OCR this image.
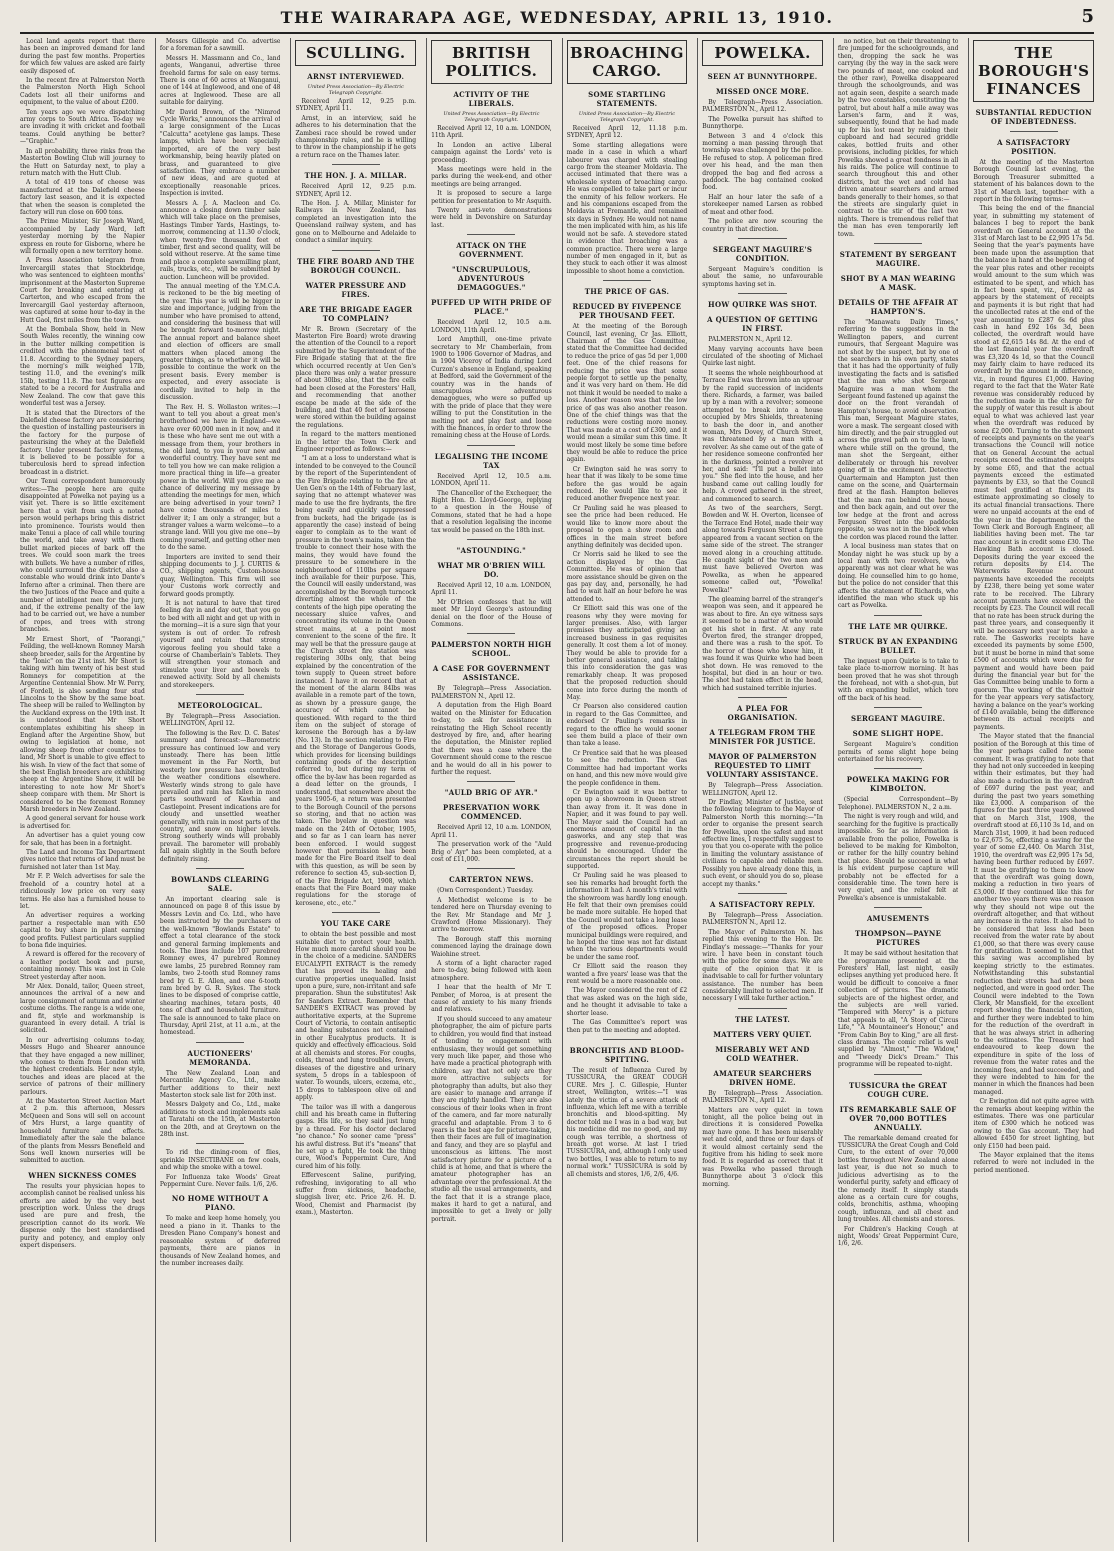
THE WAIRARAPA AGE, WEDNESDAY, APRIL 13, 1910.	5

Local land agents report that there has been an improved demand for land during the past few months. Properties for which few values are asked are fairly easily disposed of.

In the recent fire at Palmerston North the Palmerston North High School Cadets lost all their uniforms and equipment, to the value of about £200.

Ten years ago we were dispatching army corps to South Africa. To-day we are invading it with cricket and football teams. Could anything be better?—"Graphic."

In all probability, three rinks from the Masterton Bowling Club will journey to the Hutt on Saturday next, to play a return match with the Hutt Club.

A total of 419 tons of cheese was manufactured at the Dalefield cheese factory last season, and it is expected that when the season is completed the factory will run close on 600 tons.

The Prime Minister, Sir Joseph Ward, accompanied by Lady Ward, left yesterday morning by the Napier express en route for Gisborne, where he will formally open a new territory home.

A Press Association telegram from Invercargill states that Stockbridge, who was sentenced to eighteen months' imprisonment at the Masterton Supreme Court for breaking and entering at Carterton, and who escaped from the Invercargill Gaol yesterday afternoon, was captured at some hour to-day in the Hutt Gaol, first miles from the town.

At the Bombala Show, held in New South Wales recently, the winning cow in the butter milking competition is credited with the phenomenal test of 11.8. According to the Sydney papers, the morning's milk weighed 17lb, testing 11.0, and the evening's milk 15lb, testing 11.8. The test figures are stated to be a record for Australia and New Zealand. The cow that gave this wonderful test was a Jersey.

It is stated that the Directors of the Dalefield cheese factory are considering the question of installing pasteurisers in the factory for the purpose of pasteurising the whey at the Dalefield factory. Under present factory systems, it is believed to be possible for a tuberculosis herd to spread infection broadcast in a district.

Our Tenui correspondent humorously writes:—The people here are quite disappointed at Powelka not paying us a visit yet. There is so little excitement here that a visit from such a noted person would perhaps bring this district into prominence. Tourists would then make Tenui a place of call while touring the world, and take away with them bullet marked pieces of bark off the trees. We could soon mark the trees with bullets. We have a number of rifles, who could surround the district, also a constable who would drink into Dante's Inferno after a criminal. Then there are the two Justices of the Peace and quite a number of intelligent men for the jury, and, if the extreme penalty of the law had to be carried out, we have a number of ropes, and trees with strong branches.

Mr Ernest Short, of "Paorangi," Feilding, the well-known Romney Marsh sheep breeder, sails for the Argentine by the "Ionic" on the 21st inst. Mr Short is taking with him twenty of his best stud Romneys for competition at the Argentine Centennial Show. Mr W. Perry, of Fordell, is also sending four stud Lincolns to the Show by the same boat. The sheep will be railed to Wellington by the Auckland express on the 19th inst. It is understood that Mr Short contemplates exhibiting his sheep in England after the Argentine Show, but owing to legislation at home, not allowing sheep from other countries to land, Mr Short is unable to give effect to his wish. In view of the fact that some of the best English breeders are exhibiting sheep at the Argentine Show, it will be interesting to note how Mr Short's sheep compare with them. Mr Short is considered to be the foremost Romney Marsh breeders in New Zealand.

A good general servant for house work is advertised for.

An advertiser has a quiet young cow for sale, that has been in a fortnight.

The Land and Income Tax Department gives notice that returns of land must be furnished not later than 1st May.

Mr F. P. Welch advertises for sale the freehold of a country hotel at a ridiculously low price on very easy terms. He also has a furnished house to let.

An advertiser requires a working partner a respectable man with £50 capital to buy share in plant earning good profits. Fullest particulars supplied to bona fide inquiries.

A reward is offered for the recovery of a leather pocket book and purse, containing money. This was lost in Cole Street yesterday after noon.

Mr Alex. Donald, tailor, Queen street, announces the arrival of a new and large consignment of autumn and winter costume cloths. The range is a wide one, and fit, style and workmanship is guaranteed in every detail. A trial is solicited.

In our advertising columns to-day, Messrs Hugo and Shearer announce that they have engaged a new milliner, who comes to them from London with the highest credentials. Her new style, touches and ideas are placed at the service of patrons of their millinery parlours.

At the Masterton Street Auction Mart at 2 p.m. this afternoon, Messrs McQueen and Sons will sell on account of Mrs Hurst, a large quantity of household furniture and effects. Immediately after the sale the balance of the plants from Messrs Benefield and Sons well known nurseries will be submitted to auction.

WHEN SICKNESS COMES

The results your physician hopes to accomplish cannot be realised unless his efforts are aided by the very best prescription work. Unless the drugs used are pure and fresh, the prescription cannot do its work. We dispense only the best standardised purity and potency, and employ only expert dispensers.

Messrs Gillespie and Co. advertise for a foreman for a sawmill.

Messrs H. Massmann and Co., land agents, Wanganui, advertise three freehold farms for sale on easy terms. There is one of 60 acres at Wanganui, one of 144 at Inglewood, and one of 48 acres at Inglewood. These are all suitable for dairying.

Mr David Brown, of the "Nimrod Cycle Works," announces the arrival of a large consignment of the Lucas "Calcutta" acetylene gas lamps. These lamps, which have been specially imported, are of the very best workmanship, being heavily plated on brass, and guaranteed to give satisfaction. They embrace a number of new ideas, and are quoted at exceptionally reasonable prices. Inspection is invited.

Messrs A. J. A. Macleon and Co. announce a closing down timber sale which will take place on the premises, Hastings Timber Yards, Hastings, to-morrow, commencing at 11.30 o'clock, when twenty-five thousand feet of timber, first and second quality, will be sold without reserve. At the same time and place a complete sawmilling plant, rails, trucks, etc., will be submitted by auction. Luncheon will be provided.

The annual meeting of the Y.M.C.A. is reckoned to be the big meeting of the year. This year is will be bigger in size and importance, judging from the number who have promised to attend, and considering the business that will be brought forward to-morrow night. The annual report and balance sheet and election of officers are small matters when placed among the greater things, as to whether it will be possible to continue the work on the present basis. Every member is expected, and every associate is cordially invited to help in the discussion.

The Rev. H. S. Wollaston writes:—I want to tell you about a great men's brotherhood we have in England—we have over 60,000 men in it now, and it is these who have sent me out with a message from them, your brothers in the old land, to you in your new and wonderful country. They have sent me to tell you how we can make religion a more practical thing in life—a greater power in the world. Will you give me a chance of delivering my message by attending the meetings for men, which are being advertised in your town? I have come thousands of miles to deliver it; I am only a stranger, but a stranger values a warm welcome—to a strange land. Will you give me one—by coming yourself, and getting other men to do the same.

Importers are invited to send their shipping documents to J. J. CURTIS & CO., shipping agents, Custom-house quay, Wellington. This firm will see your Customs work correctly and forward goods promptly.

It is not natural to have that tired feeling day in and day out, that you go to bed with all night and get up with in the morning—it is a sure sign that your system is out of order. To refresh yourself and retain that strong vigorous feeling you should take a course of Chamberlain's Tablets. They will strengthen your stomach and stimulate your liver and bowels to renewed activity. Sold by all chemists and storekeepers.

METEOROLOGICAL.

By Telegraph—Press Association. WELLINGTON, April 12.

The following is the Rev. D. C. Bates' summary and forecast:—Barometric pressure has continued low and very unsteady. There has been little movement in the Far North, but westerly low pressure has controlled the weather conditions elsewhere. Westerly winds strong to gale have prevailed and rain has fallen in most parts southward of Kawhia and Castlepoint. Present indications are for cloudy and unsettled weather generally, with rain in most parts of the country, and snow on higher levels. Strong southerly winds will probably prevail. The barometer will probably fall again slightly in the South before definitely rising.

BOWLANDS CLEARING SALE.

An important clearing sale is announced on page 8 of this issue by Messrs Levin and Co. Ltd., who have been instructed by the purchasers of the well-known "Bowlands Estate" to effect a total clearance of the stock and general farming implements and tools. The lines include 107 purebred Romney ewes, 47 purebred Romney ewe lambs, 25 purebred Romney ram lambs, two 2-tooth stud Romney rams bred by G. E. Allen, and one 6-tooth ram bred by G. R. Sykes. The stock lines to be disposed of comprise cattle, shearing machines, tetara posts, 40 tons of chaff and household furniture. The sale is announced to take place on Thursday, April 21st, at 11 a.m., at the homestead.

AUCTIONEERS' MEMORANDA.

The New Zealand Loan and Mercantile Agency Co., Ltd., make further additions to their next Masterton stock sale list for 20th inst.

Messrs Dalgety and Co., Ltd., make additions to stock and implements sale at Taratahi on the 15th, at Masterton on the 20th, and at Greytown on the 28th inst.

To rid the dining-room of flies, sprinkle INSECTIBANE on few coals, and whip the smoke with a towel.

For Influenza take Woods' Great Peppermint Cure. Never fails. 1/6, 2/6.

NO HOME WITHOUT A PIANO.

To make and keep home homely, you need a piano in it. Thanks to the Dresden Piano Company's honest and reasonable system of deferred payments, there are pianos in thousands of New Zealand homes, and the number increases daily.

SCULLING.
ARNST INTERVIEWED.
United Press Association—By Electric Telegraph Copyright.

Received April 12, 9.25 p.m. SYDNEY, April 11.

Arnst, in an interview, said he adheres to his determination that the Zambesi race should be rowed under championship rules, and he is willing to throw in the championship if he gets a return race on the Thames later.

THE HON. J. A. MILLAR.

Received April 12, 9.25 p.m. SYDNEY, April 12.

The Hon. J. A. Millar, Minister for Railways in New Zealand, has completed an investigation into the Queensland railway system, and has gone on to Melbourne and Adelaide to conduct a similar inquiry.

THE FIRE BOARD AND THE BOROUGH COUNCIL.
WATER PRESSURE AND FIRES.
ARE THE BRIGADE EAGER TO COMPLAIN?

Mr R. Brown (Secretary of the Masterton Fire Board) wrote drawing the attention of the Council to a report submitted by the Superintendent of the Fire Brigade stating that at the fire which occurred recently at Uen Gen's place there was only a water pressure of about 30lbs; also, that the fire cells had been closed at the Foresters' Hall, and recommending that another escape be made at the side of the building, and that 40 feet of kerosene were stored within the building against the regulations.

In regard to the matters mentioned in the letter the Town Clerk and Engineer reported as follows:—

"I am at a loss to understand what is intended to be conveyed to the Council by the report of the Superintendent of the Fire Brigade relating to the fire at Uen Gen's on the 14th of February last, saying that no attempt whatever was made to use the fire hydrants, the fire being easily and quickly suppressed from buckets, had the brigade (as is apparently the case) instead of being eager to complain as to the want of pressure in the town's mains, taken the trouble to connect their hose with the mains, they would have found the pressure to be somewhere in the neighbourhood of 110lbs per square inch available for their purpose. This, the Council will easily understand, was accomplished by the Borough turncock diverting almost the whole of the contents of the high pipe operating the necessary sluice valves, and concentrating its volume in the Queen street mains, at a point most convenient to the scene of the fire. It may well be that the pressure gauge at the Church street fire station was registering 30lbs only, that being explained by the concentration of the town supply to Queen street before instanced. I have it on record that at the moment of the alarm 84lbs was available in a remote part of the town, as shown by a pressure gauge, the accuracy of which cannot be questioned. With regard to the third item on the subject of storage of kerosene the Borough has a by-law (No. 13). In the section relating to Fire and the Storage of Dangerous Goods, which provides for licensing buildings containing goods of the description referred to, but during my term of office the by-law has been regarded as a dead letter on the grounds, I understand, that somewhere about the years 1905-6, a return was presented to the Borough Council of the persons so storing, and that no action was taken. The byelaw in question was made on the 24th of October, 1905, and so far as I can learn has never been enforced. I would suggest however that permission has been made for the Fire Board itself to deal with this question, as will be seen by reference to section 45, sub-section D, of the Fire Brigade Act, 1908, which enacts that the Fire Board may make regulations for the storage of kerosene, etc., etc."

YOU TAKE CARE

to obtain the best possible and most suitable diet to protect your health. How much more careful should you be in the choice of a medicine. SANDERS EUCALYPTI EXTRACT is the remedy that has proved its healing and curative properties unequalled. Insist upon a pure, sure, non-irritant and safe preparation. Shun the substitutes! Ask for Sanders Extract. Remember that SANDER'S EXTRACT was proved by authoritative experts, at the Supreme Court of Victoria, to contain antiseptic and healing substances not contained in other Eucalyptus products. It is quickly and effectively efficacious. Sold at all chemists and stores. For coughs, colds, throat and lung troubles, fevers, diseases of the digestive and urinary system, 5 drops in a tablespoon of water. To wounds, ulcers, eczema, etc., 15 drops to tablespoon olive oil and apply.

The tailor was ill with a dangerous chill and his breath came in fluttering gasps. His life, so they said just hung by a thread. For his doctor declared "no chance." No sooner came "press" his awful distress. But it's "means" that he set up a fight, He took the thing cure, Wood's Peppermint Cure, And cured him of his folly.

Effervescent Saline, purifying, refreshing, invigorating to all who suffer from sickness, headache, sluggish liver, etc. Price 2/6. H. D. Wood, Chemist and Pharmacist (by exam.), Masterton.

BRITISH POLITICS.
ACTIVITY OF THE LIBERALS.
United Press Association—By Electric Telegraph Copyright.

Received April 12, 10 a.m. LONDON, 11th April.

In London an active Liberal campaign against the Lords' veto is proceeding.

Mass meetings were held in the parks during the week-end, and other meetings are being arranged.

It is proposed to secure a large petition for presentation to Mr Asquith.

Twenty anti-veto demonstrations were held in Devonshire on Saturday last.

ATTACK ON THE GOVERNMENT.
"UNSCRUPULOUS, ADVENTUROUS DEMAGOGUES."
PUFFED UP WITH PRIDE OF PLACE."

Received April 12, 10.5 a.m. LONDON, 11th April.

Lord Ampthill, one-time private secretary to Mr Chamberlain, from 1900 to 1906 Governor of Madras, and in 1904 Viceroy of India during Lord Curzon's absence in England, speaking at Bedford, said the Government of the country was in the hands of unscrupulous adventurous demagogues, who were so puffed up with the pride of place that they were willing to put the Constitution in the melting pot and play fast and loose with the finances, in order to throw the remaining chess at the House of Lords.

LEGALISING THE INCOME TAX

Received April 12, 10.5 a.m. LONDON, April 11.

The Chancellor of the Exchequer, the Right Hon. D. Lloyd-George, replying to a question in the House of Commons, stated that he had a hope that a resolution legalising the income tax would be passed on the 18th inst.

"ASTOUNDING."
WHAT MR O'BRIEN WILL DO.

Received April 12, 10 a.m. LONDON, April 11.

Mr O'Brien confesses that he will meet Mr Lloyd George's astounding denial on the floor of the House of Commons.

PALMERSTON NORTH HIGH SCHOOL.
A CASE FOR GOVERNMENT ASSISTANCE.

By Telegraph—Press Association. PALMERSTON N., April 12.

A deputation from the High Board waited on the Minister for Education to-day, to ask for assistance in reinstating the High School recently destroyed by fire, and, after hearing the deputation, the Minister replied that there was a case where the Government should come to the rescue and he would do all in his power to further the request.

"AULD BRIG OF AYR."
PRESERVATION WORK COMMENCED.

Received April 12, 10 a.m. LONDON, April 11.

The preservation work of the "Auld Brig o' Ayr" has been completed, at a cost of £11,000.

CARTERTON NEWS.

(Own Correspondent.) Tuesday.

A Methodist welcome is to be tendered here on Thursday evening to the Rev. Mr Standage and Mr J. Crawford (Home Missionary). They arrive to-morrow.

The Borough staff this morning commenced laying the drainage down Waiohine street.

A storm of a light character raged here to-day, being followed with keen atmosphere.

I hear that the health of Mr T. Pember, of Moroa, is at present the cause of anxiety to his many friends and relatives.

If you should succeed to any amateur photographer, the aim of picture parts to children, you would find that instead of tending to engagement with enthusiasm, they would get something very much like paper, and those who have made a practical photograph with children, say that not only are they more attractive subjects for photography than adults, but also they are easier to manage and arrange if they are rightly handled. They are also conscious of their looks when in front of the camera, and far more naturally graceful and adaptable. From 3 to 6 years is the best age for picture-taking, then their faces are full of imagination and fancy, and they are so playful and unconscious as kittens. The most satisfactory picture for a picture of a child is at home, and that is where the amateur photographer has an advantage over the professional. At the studio all the usual arrangements, and the fact that it is a strange place, makes it hard to get a natural, and impossible to get a lively or jolly portrait.

BROACHING CARGO.
SOME STARTLING STATEMENTS.
United Press Association—By Electric Telegraph Copyright.

Received April 12, 11.18 p.m. SYDNEY, April 12.

Some startling allegations were made in a case in which a wharf labourer was charged with stealing cargo from the steamer Moldavia. The accused intimated that there was a wholesale system of broaching cargo. He was compelled to take part or incur the enmity of his fellow workers. He and his companions escaped from the Moldavia at Fremantle, and remained six days in Sydney. He would not name the men implicated with him, as his life would not be safe. A stevedore stated in evidence that broaching was a common practice. There were a large number of men engaged in it, but as they stuck to each other it was almost impossible to shoot home a conviction.

THE PRICE OF GAS.
REDUCED BY FIVEPENCE PER THOUSAND FEET.

At the meeting of the Borough Council, last evening, Cr Jas. Elliott, Chairman of the Gas Committee, stated that the Committee had decided to reduce the price of gas 5d per 1,000 feet. One of the chief reasons for reducing the price was that some people forgot to settle up the penalty, and it was very hard on them. He did not think it would be needed to make a loss. Another reason was that the low price of gas was also another reason. One of the chief things was that the reductions were costing more money. That was made at a cost of £300, and it would mean a similar sum this time. It would most likely be some time before they would be able to reduce the price again.

Cr Ewington said he was sorry to hear that it was likely to be some time before the gas would be again reduced. He would like to see it reduced another fivepence next year.

Cr Pauling said he was pleased to see the price had been reduced. He would like to know more about the proposal to open a show room and offices in the main street before anything definitely was decided upon.

Cr Norris said he liked to see the action displayed by the Gas Committee. He was of opinion that more assistance should be given on the gas pay day, and, personally, he had had to wait half an hour before he was attended to.

Cr Elliott said this was one of the reasons why they were moving for larger premises. Also, with larger premises they anticipated giving an increased business in gas requisites generally. It cost them a lot of money. They would be able to provide for a better general assistance, and taking this into consideration the gas was remarkably cheap. It was proposed that the proposed reduction should come into force during the month of May.

Cr Pearson also considered caution in regard to the Gas Committee, and endorsed Cr Pauling's remarks in regard to the office he would sooner see them build a place of their own than take a lease.

Cr Prentice said that he was pleased to see the reduction. The Gas Committee had had important works on hand, and this new move would give the people confidence in them.

Cr Ewington said it was better to open up a showroom in Queen street than away from it. It was done in Napier, and it was found to pay well. The Mayor said the Council had an enormous amount of capital in the gasworks, and any step that was progressive and revenue-producing should be encouraged. Under the circumstances the report should be supported.

Cr Pauling said he was pleased to see his remarks had brought forth the information it had. A month's trial with the showroom was hardly long enough. He felt that their own premises could be made more suitable. He hoped that the Council would not take a long lease of the proposed offices. Proper municipal buildings were required, and he hoped the time was not far distant when the various departments would be under the same roof.

Cr Elliott said the reason they wanted a five years' lease was that the rent would be a more reasonable one.

The Mayor considered the rent of £2 that was asked was on the high side, and he thought it advisable to take a shorter lease.

The Gas Committee's report was then put to the meeting and adopted.

BRONCHITIS AND BLOOD-SPITTING.

The result of Influenza Cured by TUSSICURA, the GREAT COUGH CURE. Mrs J. C. Gillespie, Hunter street, Wellington, writes:—"I was lately the victim of a severe attack of influenza, which left me with a terrible bronchitis and blood-spitting. My doctor told me I was in a bad way, but his medicine did me no good, and my cough was terrible, a shortness of breath got worse. At last I tried TUSSICURA, and, although I only used two bottles, I was able to return to my normal work." TUSSICURA is sold by all chemists and stores, 1/6, 2/6, 4/6.

POWELKA.
SEEN AT BUNNYTHORPE.
MISSED ONCE MORE.

By Telegraph—Press Association. PALMERSTON N., April 12.

The Powelka pursuit has shifted to Bunnythorpe.

Between 3 and 4 o'clock this morning a man passing through that township was challenged by the police. He refused to stop. A policeman fired over his head, and the man then dropped the bag and fled across a paddock. The bag contained cooked food.

Half an hour later the safe of a storekeeper named Larsen as robbed of meat and other food.

The police are now scouring the country in that direction.

SERGEANT MAGUIRE'S CONDITION.

Sergeant Maguire's condition is about the same, no unfavourable symptoms having set in.

HOW QUIRKE WAS SHOT.
A QUESTION OF GETTING IN FIRST.

PALMERSTON N., April 12.

Many varying accounts have been circulated of the shooting of Michael Quirke last night.

It seems the whole neighbourhood at Terrace End was thrown into an uproar by the rapid succession of incidents there. Richards, a farmer, was bailed up by a man with a revolver; someone attempted to break into a house occupied by Mrs Shields, threatening to bash the door in, and another woman, Mrs Dovey, of Church Street, was threatened by a man with a revolver. As she came out of the gate of her residence someone confronted her in the darkness, pointed a revolver at her, and said: "I'll put a bullet into you." She fled into the house, and her husband came out calling loudly for help. A crowd gathered in the street, and commenced to search.

As two of the searchers, Sergt. Bowden and W. H. Overton, licensee of the Terrace End Hotel, made their way along towards Ferguson Street a figure appeared from a vacant section on the same side of the street. The stranger moved along in a crouching attitude. He caught sight of the two men and must have believed Overton was Powelka, as when he appeared someone called out, "Powelka! Powelka!"

The gleaming barrel of the stranger's weapon was seen, and it appeared he was about to fire. An eye witness says it seemed to be a matter of who would get his shot in first. At any rate Overton fired, the stranger dropped, and there was a rush to the spot. To the horror of those who knew him, it was found it was Quirke who had been shot down. He was removed to the hospital, but died in an hour or two. The shot had taken effect in the head, which had sustained terrible injuries.

A PLEA FOR ORGANISATION.
A TELEGRAM FROM THE MINISTER FOR JUSTICE.
MAYOR OF PALMERSTON REQUESTED TO LIMIT VOLUNTARY ASSISTANCE.

By Telegraph—Press Association. WELLINGTON, April 12.

Dr Findlay, Minister of Justice, sent the following telegram to the Mayor of Palmerston North this morning:—"In order to organise the present search for Powelka, upon the safest and most effective lines, I respectfully suggest to you that you co-operate with the police in limiting the voluntary assistance of civilians to capable and reliable men. Possibly you have already done this, in such event, or should you do so, please accept my thanks."

A SATISFACTORY REPLY.

By Telegraph—Press Association. PALMERSTON N., April 12.

The Mayor of Palmerston N. has replied this evening to the Hon. Dr. Findlay's message:—"Thanks for your wire. I have been in constant touch with the police for some days. We are quite of the opinion that it is inadvisable to call for further voluntary assistance. The number has been considerably limited to selected men. If necessary I will take further action."

THE LATEST.
MATTERS VERY QUIET.
MISERABLY WET AND COLD WEATHER.
AMATEUR SEARCHERS DRIVEN HOME.

By Telegraph—Press Association. PALMERSTON N., April 12.

Matters are very quiet in town tonight, all the police being out in directions it is considered Powelka may have gone. It has been miserably wet and cold, and three or four days of it would almost certainly send the fugitive from his hiding to seek more food. It is regarded as correct that it was Powelka who passed through Bunnythorpe about 3 o'clock this morning.

no notice, but on their threatening to fire jumped for the schoolgrounds, and then, dropping the sack he was carrying (by the way in the sack were two pounds of meat, one cooked and the other raw), Powelka disappeared through the schoolgrounds, and was not again seen, despite a search made by the two constables, constituting the patrol, but about half a mile away was Larsen's farm, and it was, subsequently, found that he had made up for his lost meat by raiding their cupboard and had secured griddle cakes, bottled fruits and other provisions, including pickles, for which Powelka showed a great fondness in all his raids. The police will continue to search throughout this and other districts, but the wet and cold has driven amateur searchers and armed bands generally to their homes, so that the streets are singularly quiet in contrast to the stir of the last two nights. There is tremendous relief that the man has even temporarily left town.

STATEMENT BY SERGEANT MAGUIRE.
SHOT BY A MAN WEARING A MASK.
DETAILS OF THE AFFAIR AT HAMPTON'S.

The "Manawatu Daily Times," referring to the suggestions in the Wellington papers, and current rumours, that Sergeant Maguire was not shot by the suspect, but by one of the searchers in his own party, states that it has had the opportunity of fully investigating the facts and is satisfied that the man who shot Sergeant Maguire was a man whom the Sergeant found fastened up against the door on the front verandah of Hampton's house, to avoid observation. This man, Sergeant Maguire states, wore a mask. The sergeant closed with him directly, and the pair struggled out across the gravel path on to the lawn, where while still on the ground, the man shot the Sergeant, either deliberately or through his revolver going off in the excitement. Detective Quartermain and Hampton just then came on the scene, and Quartermain fired at the flash. Hampton believes that the man ran behind the house, and then back again, and out over the low hedge at the front and across Ferguson Street into the paddocks opposite, so was not in the block when the cordon was placed round the latter.

A local business man states that on Monday night he was stuck up by a local man with two revolvers, who apparently was not clear what he was doing. He counselled him to go home, but the police do not consider that this affects the statement of Richards, who identified the man who stuck up his cart as Powelka.

THE LATE MR QUIRKE.
STRUCK BY AN EXPANDING BULLET.

The inquest upon Quirke is to take to take place to-morrow morning. It has been proved that he was shot through the forehead, not with a shot-gun, but with an expanding bullet, which tore off the back of his head.

SERGEANT MAGUIRE.
SOME SLIGHT HOPE.

Sergeant Maguire's condition permits of some slight hope being entertained for his recovery.

POWELKA MAKING FOR KIMBOLTON.

(Special Correspondent—By Telephone). PALMERSTON N., 2 a.m.

The night is very rough and wild, and searching for the fugitive is practically impossible. So far as information is available from the police, Powelka is believed to be making for Kimbolton, or rather for the hilly country behind that place. Should he succeed in what is his evident purpose capture will probably not be effected for a considerable time. The town here is very quiet, and the relief felt at Powelka's absence is unmistakable.

AMUSEMENTS
THOMPSON—PAYNE PICTURES

It may be said without hesitation that the programme presented at the Foresters' Hall, last night, easily eclipses anything yet produced here. It would be difficult to conceive a finer collection of pictures. The dramatic subjects are of the highest order, and the subjects are well varied. "Tempered with Mercy" is a picture that appeals to all, "A Story of Circus Life," "A Mountaineer's Honour," and "From Cabin Boy to King," are all first-class dramas. The comic relief is well supplied by "Almost," "The Widow," and "Tweedy Dick's Dream." This programme will be repeated to-night.

TUSSICURA the GREAT COUGH CURE.
ITS REMARKABLE SALE OF OVER 70,000 BOTTLES ANNUALLY.

The remarkable demand created for TUSSICURA the Great Cough and Cold Cure, to the extent of over 70,000 bottles throughout New Zealand alone last year, is due not so much to judicious advertising as to the wonderful purity, safety and efficacy of the remedy itself. It simply stands alone as a certain cure for coughs, colds, bronchitis, asthma, whooping cough, influenza, and all chest and lung troubles. All chemists and stores.

For Children's Hacking Cough at night, Woods' Great Peppermint Cure, 1/6, 2/6.

THE BOROUGH'S FINANCES
SUBSTANTIAL REDUCTION OF INDEBTEDNESS.
A SATISFACTORY POSITION.

At the meeting of the Masterton Borough Council last evening, the Borough Treasurer submitted a statement of his balances down to the 31st of March last, together with a report in the following terms:—

This being the end of the financial year, in submitting my statement of balances I beg to report the bank overdraft on General account at the 31st of March last to be £2,995 17s 5d. Seeing that the year's payments have been made upon the assumption that the balance in hand at the beginning of the year plus rates and other receipts would amount to the sum which was estimated to be spent, and which has in fact been spent, viz., £6,402 as appears by the statement of receipts and payments it is but right that had the uncollected rates at the end of the year amounting to £287 6s 6d plus cash in hand £92 16s 3d, been collected, the overdraft would have stood at £2,615 14s 8d. At the end of the last financial year the overdraft was £3,320 4s 1d, so that the Council may fairly claim to have reduced its overdraft by the amount in difference, viz., in round figures £1,000. Having regard to the fact that the Water Rate revenue was considerably reduced by the reduction made in the charge for the supply of water this result is about equal to what was achieved last year when the overdraft was reduced by some £2,000. Turning to the statement of receipts and payments on the year's transactions the Council will notice that on General Account the actual receipts exceed the estimated receipts by some £65, and that the actual payments exceed the estimated payments by £33, so that the Council must feel gratified at finding its estimate approximating so closely to its actual financial transactions. There were no unpaid accounts at the end of the year in the departments of the Town Clerk and Borough Engineer, all liabilities having been met. The tar mac account is in credit some £30. The Hawking Bath account is closed. Deposits during the year exceed the return deposits by £14. The Waterworks Revenue account payments have exceeded the receipts by £238, there being yet some water rate to be received. The Library account payments have exceeded the receipts by £23. The Council will recall that no rate has been struck during the past three years, and consequently it will be necessary next year to make a rate. The Gasworks receipts have exceeded its payments by some £500, but it must be borne in mind that some £500 of accounts which were due for payment and would have been paid during the financial year but for the Gas Committee being unable to form a quorum. The working of the Abattoir for the year appears very satisfactory, having a balance on the year's working of £140 available, being the difference between its actual receipts and payments.

The Mayor stated that the financial position of the Borough at this time of the year perhaps called for some comment. It was gratifying to note that they had not only succeeded in keeping within their estimates, but they had also made a reduction in the overdraft of £697 during the past year, and during the past two years something like £3,000. A comparison of the figures for the past three years showed that on March 31st, 1908, the overdraft stood at £6,110 3s 1d, and on March 31st, 1909, it had been reduced to £2,675 5s, effecting a saving for the year of some £2,440. On March 31st, 1910, the overdraft was £2,995 17s 5d, having been further reduced by £697. It must be gratifying to them to know that the overdraft was going down, making a reduction in two years of £3,000. If they continued like this for another two years there was no reason why they should not wipe out the overdraft altogether, and that without any increase in the rates. It also had to be considered that less had been received from the water rate by about £1,000, so that there was every cause for gratification. It seemed to him that this saving was accomplished by keeping strictly to the estimates. Notwithstanding this substantial reduction their streets had not been neglected, and were in good order. The Council were indebted to the Town Clerk, Mr Mansfield, for the excellent report showing the financial position, and further they were indebted to him for the reduction of the overdraft in that he was always strict in adhering to the estimates. The Treasurer had endeavoured to keep down the expenditure in spite of the loss of revenue from the water rates and the incoming fees, and had succeeded, and they were indebted to him for the manner in which the finances had been managed.

Cr Ewington did not quite agree with the remarks about keeping within the estimates. There was one particular item of £300 which he noticed was owing to the Gas account. They had allowed £450 for street lighting, but only £150 had been paid.

The Mayor explained that the items referred to were not included in the period mentioned.
